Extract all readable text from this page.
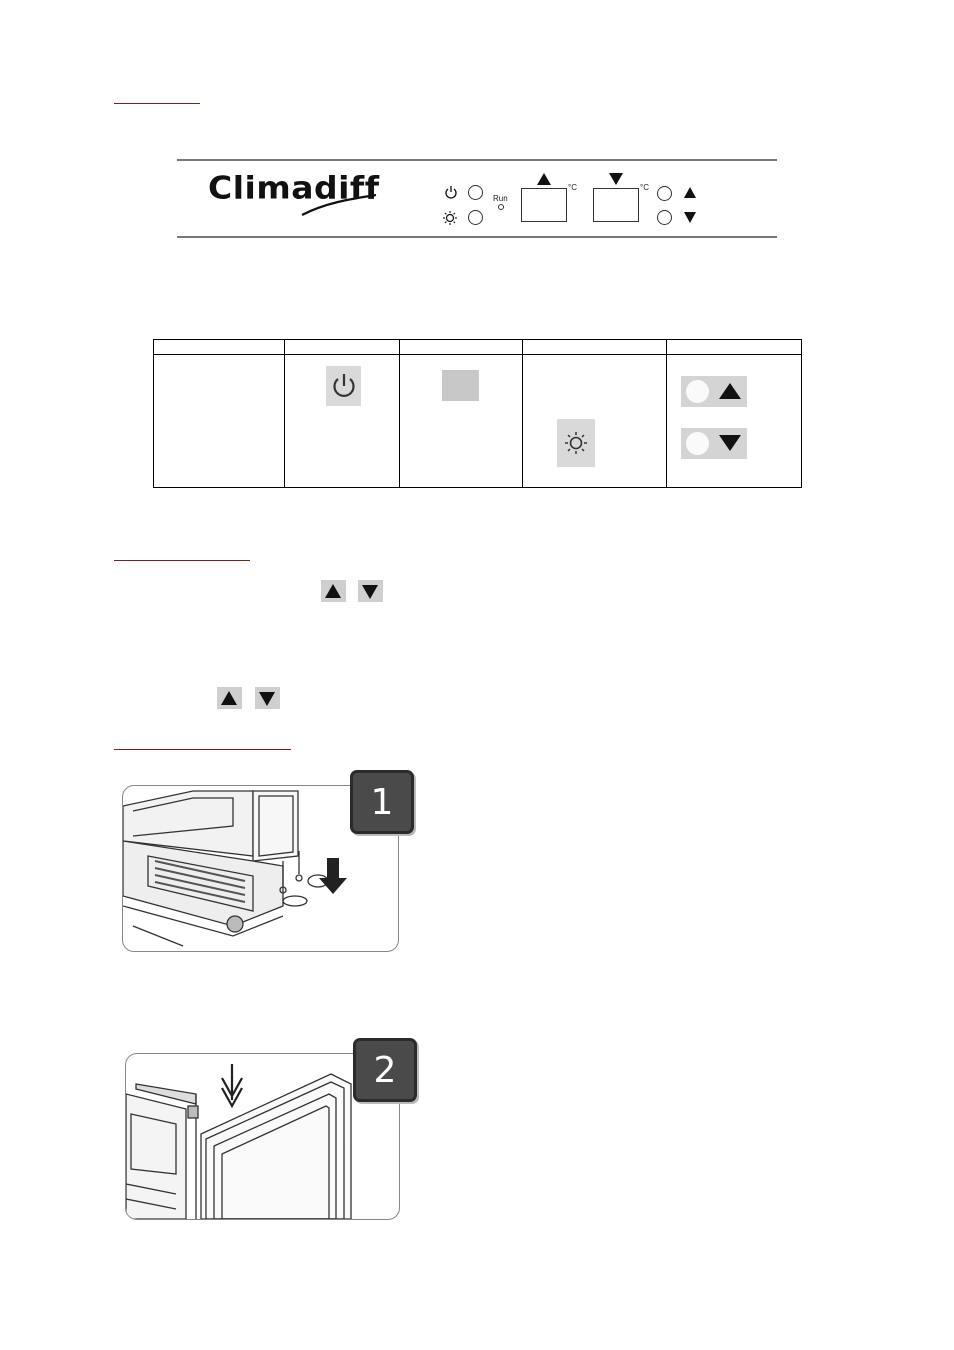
Climadiff	Run
°C	°C
1
2
